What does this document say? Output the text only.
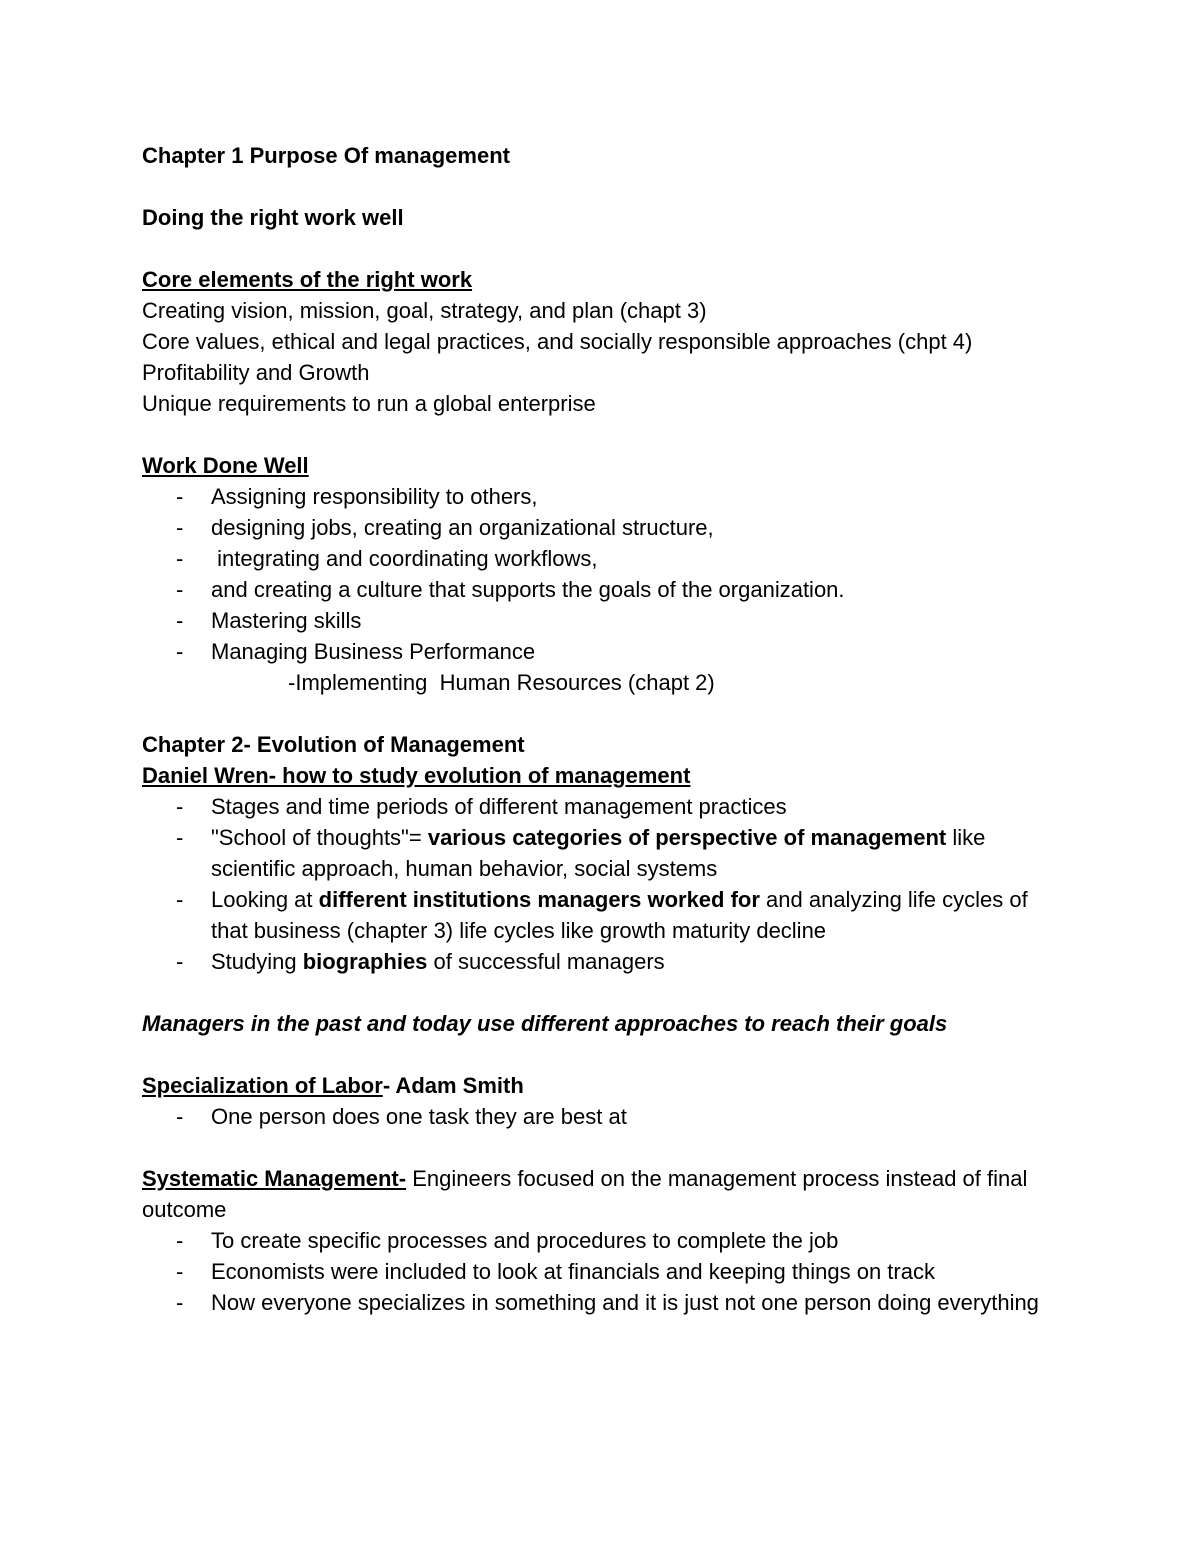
Chapter 1 Purpose Of management
Doing the right work well
Core elements of the right work
Creating vision, mission, goal, strategy, and plan (chapt 3)
Core values, ethical and legal practices, and socially responsible approaches (chpt 4)
Profitability and Growth
Unique requirements to run a global enterprise
Work Done Well
- Assigning responsibility to others,
- designing jobs, creating an organizational structure,
-  integrating and coordinating workflows,
- and creating a culture that supports the goals of the organization.
- Mastering skills
- Managing Business Performance
-Implementing  Human Resources (chapt 2)
Chapter 2- Evolution of Management
Daniel Wren- how to study evolution of management
- Stages and time periods of different management practices
- "School of thoughts"= various categories of perspective of management like scientific approach, human behavior, social systems
- Looking at different institutions managers worked for and analyzing life cycles of that business (chapter 3) life cycles like growth maturity decline
- Studying biographies of successful managers
Managers in the past and today use different approaches to reach their goals
Specialization of Labor- Adam Smith
- One person does one task they are best at
Systematic Management- Engineers focused on the management process instead of final outcome
- To create specific processes and procedures to complete the job
- Economists were included to look at financials and keeping things on track
- Now everyone specializes in something and it is just not one person doing everything
